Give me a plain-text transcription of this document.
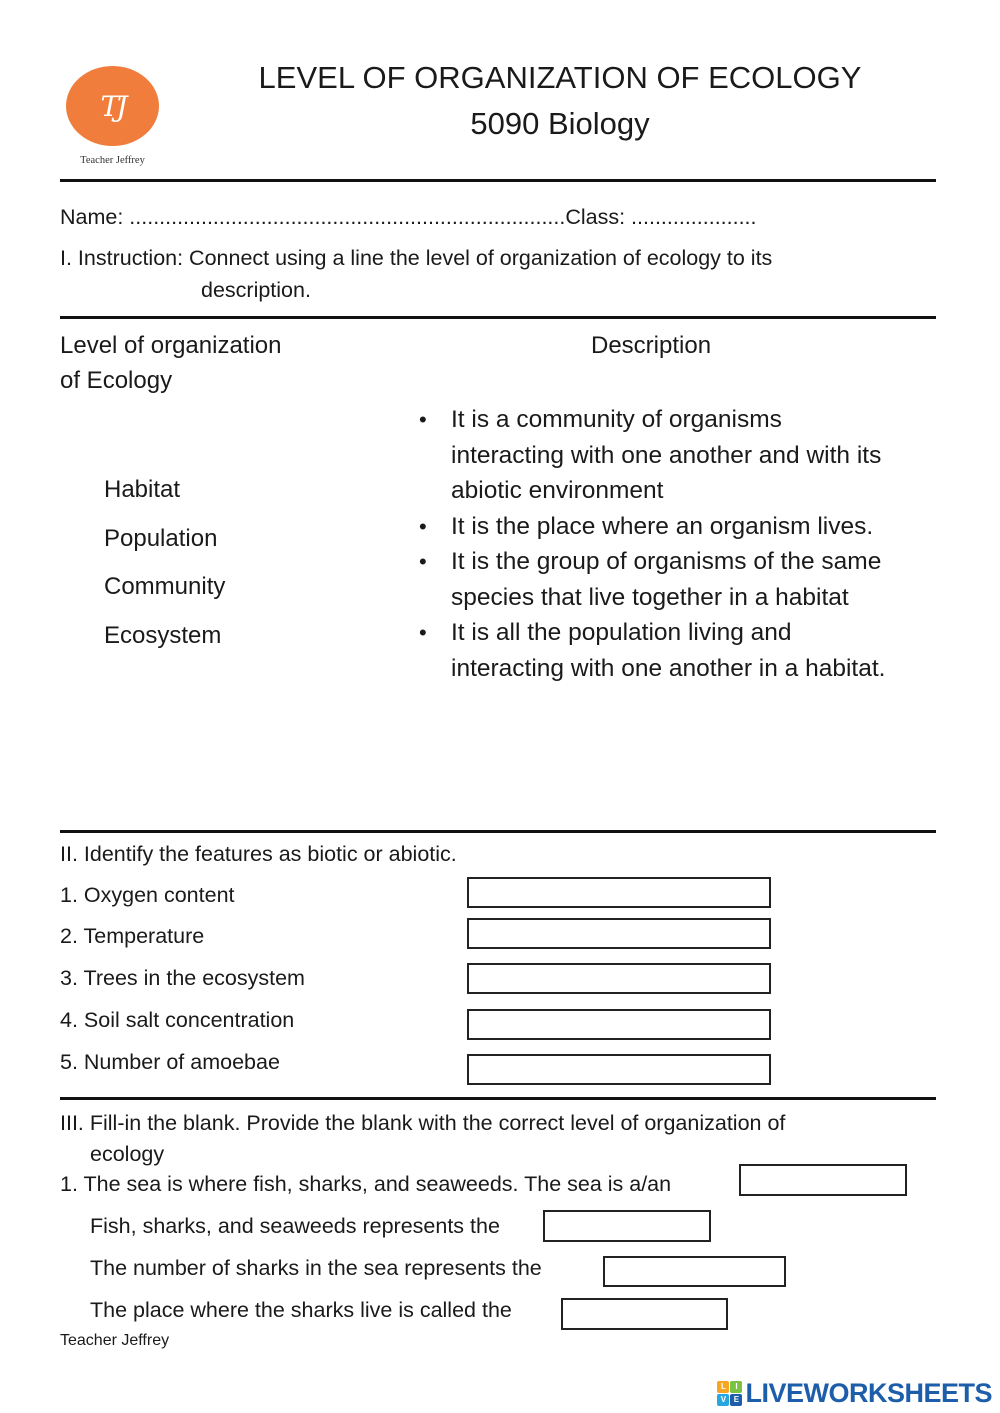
TJ
Teacher Jeffrey
LEVEL OF ORGANIZATION OF ECOLOGY
5090 Biology
Name: .........................................................................Class: .....................
I. Instruction: Connect using a line the level of organization of ecology to its
description.
Level of organization
of Ecology
Description
Habitat
Population
Community
Ecosystem
• It is a community of organisms interacting with one another and with its abiotic environment
• It is the place where an organism lives.
• It is the group of organisms of the same species that live together in a habitat
• It is all the population living and interacting with one another in a habitat.
II. Identify the features as biotic or abiotic.
1. Oxygen content
2. Temperature
3. Trees in the ecosystem
4. Soil salt concentration
5. Number of amoebae
III. Fill-in the blank. Provide the blank with the correct level of organization of
ecology
1. The sea is where fish, sharks, and seaweeds. The sea is a/an
Fish, sharks, and seaweeds represents the
The number of sharks in the sea represents the
The place where the sharks live is called the
Teacher Jeffrey
L	I
V E LIVEWORKSHEETS
